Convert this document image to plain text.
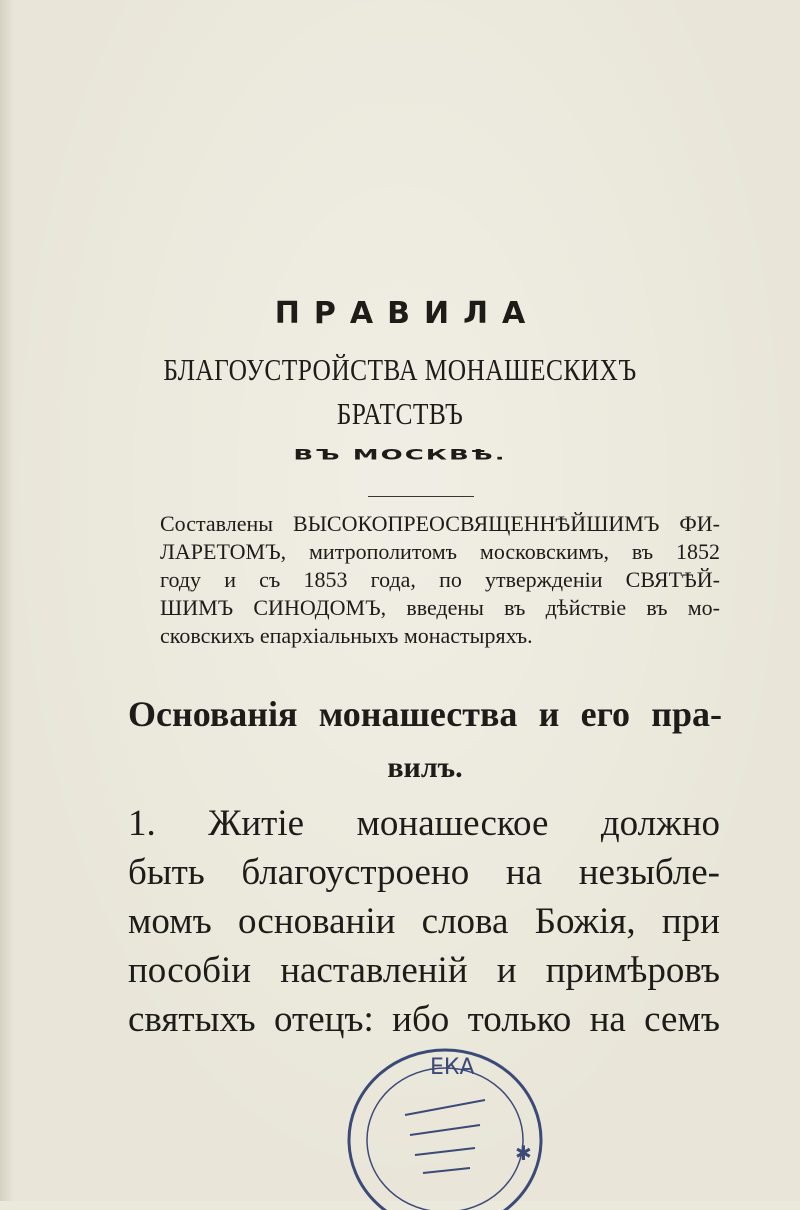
ПРАВИЛА
БЛАГОУСТРОЙСТВА МОНАШЕСКИХЪ
БРАТСТВЪ
ВЪ МОСКВѢ.
Составлены ВЫСОКОПРЕОСВЯЩЕННѢЙШИМЪ ФИ-
ЛАРЕТОМЪ, митрополитомъ московскимъ, въ 1852
году и съ 1853 года, по утвержденіи СВЯТѢЙ-
ШИМЪ СИНОДОМЪ, введены въ дѣйствіе въ мо-
сковскихъ епархіальныхъ монастыряхъ.
Основанія монашества и его пра-
вилъ.
1. Житіе монашеское должно
быть благоустроено на незыбле-
момъ основаніи слова Божія, при
пособіи наставленій и примѣровъ
святыхъ отецъ: ибо только на семъ
ЕКА
✱
